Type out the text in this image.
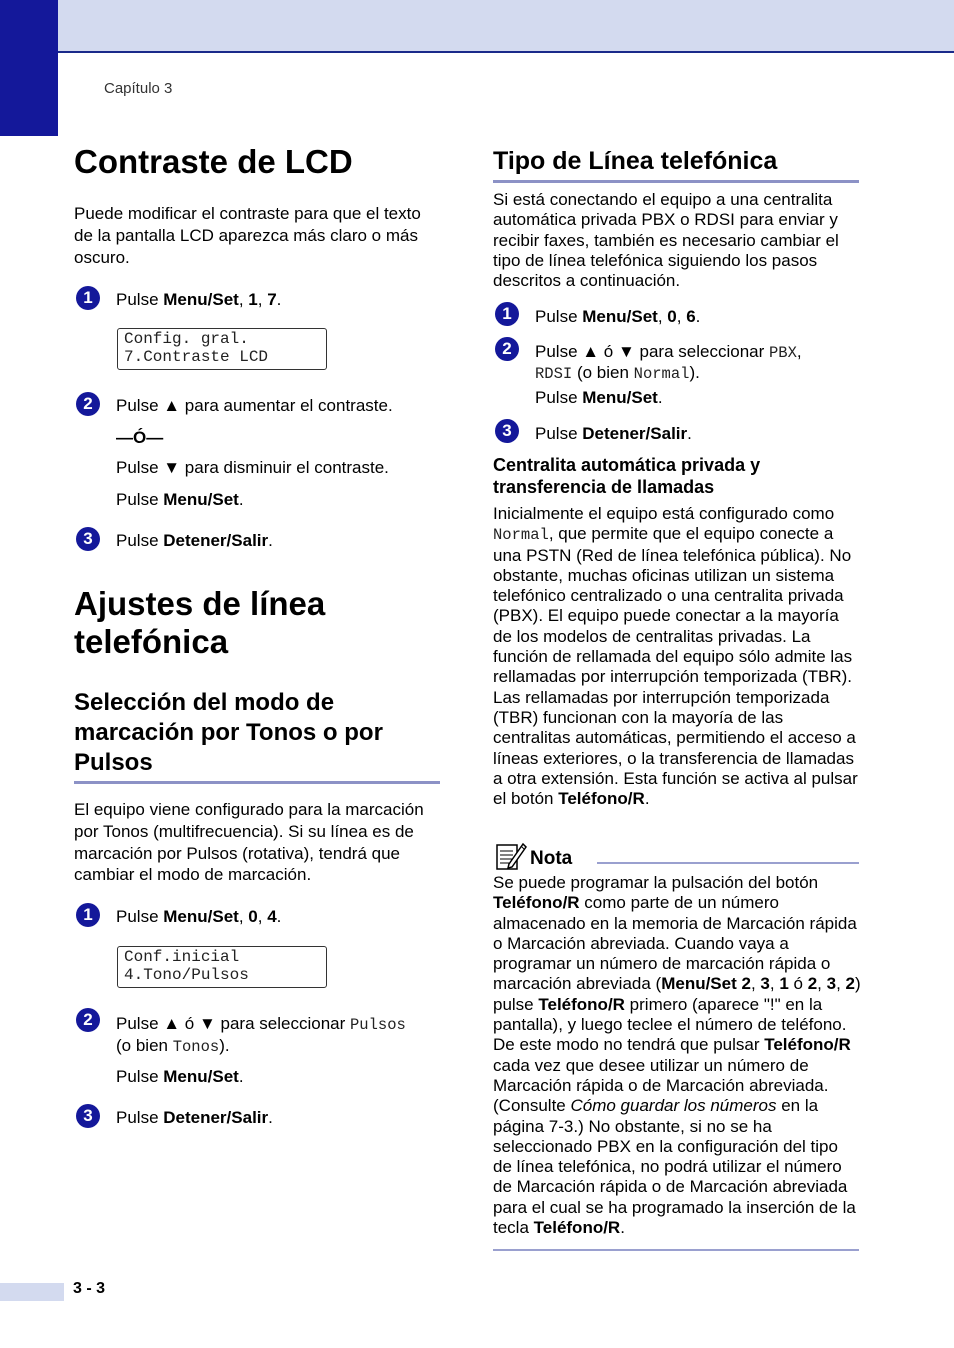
Capítulo 3
Contraste de LCD
Puede modificar el contraste para que el texto de la pantalla LCD aparezca más claro o más oscuro.
1	Pulse Menu/Set, 1, 7.
Config. gral.
7.Contraste LCD
2	Pulse ▲ para aumentar el contraste.
—Ó—
Pulse ▼ para disminuir el contraste.
Pulse Menu/Set.
3	Pulse Detener/Salir.
Ajustes de línea
telefónica
Selección del modo de
marcación por Tonos o por
Pulsos
El equipo viene configurado para la marcación por Tonos (multifrecuencia). Si su línea es de marcación por Pulsos (rotativa), tendrá que cambiar el modo de marcación.
1	Pulse Menu/Set, 0, 4.
Conf.inicial
4.Tono/Pulsos
2	Pulse ▲ ó ▼ para seleccionar Pulsos
(o bien Tonos).
Pulse Menu/Set.
3	Pulse Detener/Salir.
Tipo de Línea telefónica
Si está conectando el equipo a una centralita automática privada PBX o RDSI para enviar y recibir faxes, también es necesario cambiar el tipo de línea telefónica siguiendo los pasos descritos a continuación.
1	Pulse Menu/Set, 0, 6.
2	Pulse ▲ ó ▼ para seleccionar PBX,
RDSI (o bien Normal).
Pulse Menu/Set.
3	Pulse Detener/Salir.
Centralita automática privada y
transferencia de llamadas
Inicialmente el equipo está configurado como Normal, que permite que el equipo conecte a una PSTN (Red de línea telefónica pública). No obstante, muchas oficinas utilizan un sistema telefónico centralizado o una centralita privada (PBX). El equipo puede conectar a la mayoría de los modelos de centralitas privadas. La función de rellamada del equipo sólo admite las rellamadas por interrupción temporizada (TBR). Las rellamadas por interrupción temporizada (TBR) funcionan con la mayoría de las centralitas automáticas, permitiendo el acceso a líneas exteriores, o la transferencia de llamadas a otra extensión. Esta función se activa al pulsar el botón Teléfono/R.
Nota
Se puede programar la pulsación del botón Teléfono/R como parte de un número almacenado en la memoria de Marcación rápida o Marcación abreviada. Cuando vaya a programar un número de marcación rápida o marcación abreviada (Menu/Set 2, 3, 1 ó 2, 3, 2) pulse Teléfono/R primero (aparece "!" en la pantalla), y luego teclee el número de teléfono. De este modo no tendrá que pulsar Teléfono/R cada vez que desee utilizar un número de Marcación rápida o de Marcación abreviada. (Consulte Cómo guardar los números en la página 7-3.) No obstante, si no se ha seleccionado PBX en la configuración del tipo de línea telefónica, no podrá utilizar el número de Marcación rápida o de Marcación abreviada para el cual se ha programado la inserción de la tecla Teléfono/R.
3 - 3
